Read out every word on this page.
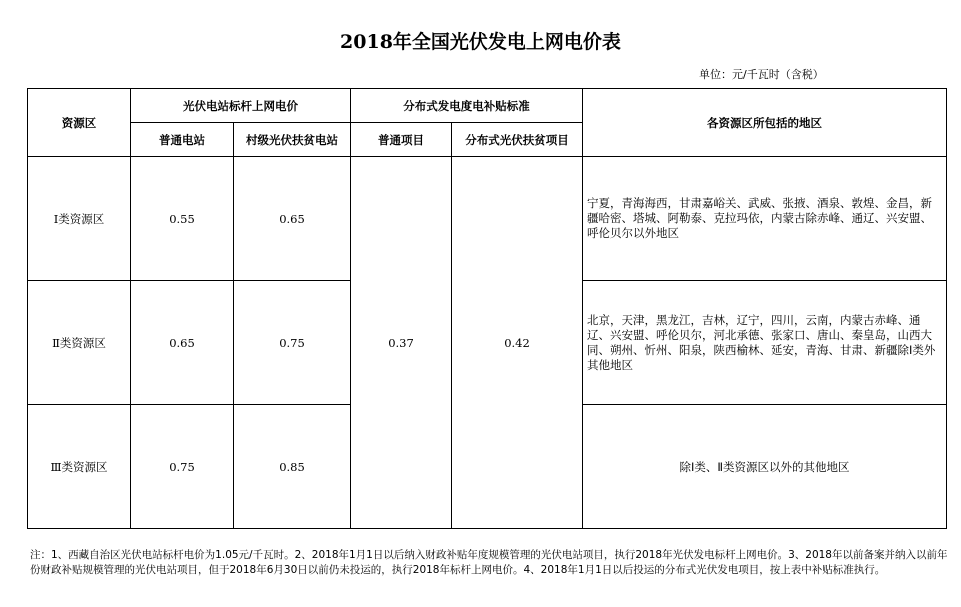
2018年全国光伏发电上网电价表
单位：元/千瓦时（含税）
资源区	光伏电站标杆上网电价		分布式发电度电补贴标准		各资源区所包括的地区
	普通电站	村级光伏扶贫电站	普通项目	分布式光伏扶贫项目	
Ⅰ类资源区	0.55	0.65	0.37	0.42	宁夏，青海海西，甘肃嘉峪关、武威、张掖、酒泉、敦煌、金昌，新疆哈密、塔城、阿勒泰、克拉玛依，内蒙古除赤峰、通辽、兴安盟、呼伦贝尔以外地区
Ⅱ类资源区	0.65	0.75			北京，天津，黑龙江，吉林，辽宁，四川，云南，内蒙古赤峰、通辽、兴安盟、呼伦贝尔，河北承德、张家口、唐山、秦皇岛，山西大同、朔州、忻州、阳泉，陕西榆林、延安，青海、甘肃、新疆除Ⅰ类外其他地区
Ⅲ类资源区	0.75	0.85			除Ⅰ类、Ⅱ类资源区以外的其他地区
注：1、西藏自治区光伏电站标杆电价为1.05元/千瓦时。2、2018年1月1日以后纳入财政补贴年度规模管理的光伏电站项目，执行2018年光伏发电标杆上网电价。3、2018年以前备案并纳入以前年份财政补贴规模管理的光伏电站项目，但于2018年6月30日以前仍未投运的，执行2018年标杆上网电价。4、2018年1月1日以后投运的分布式光伏发电项目，按上表中补贴标准执行。
